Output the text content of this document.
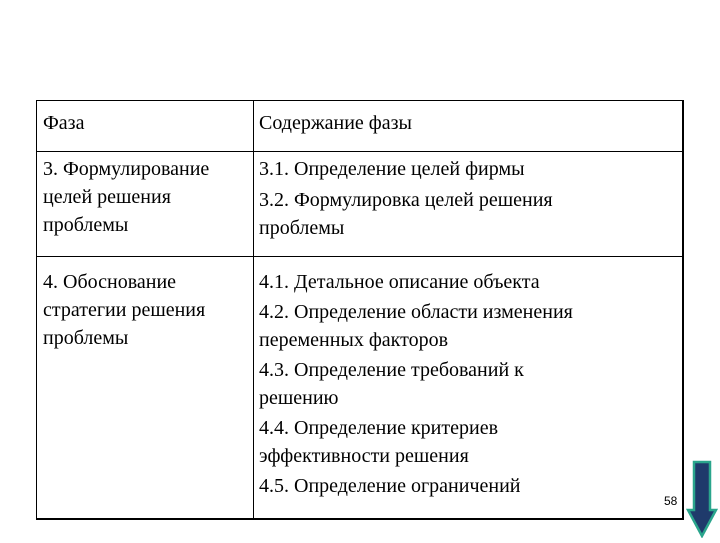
Фаза	Содержание фазы

3. Формулирование

целей решения

проблемы

3.1. Определение целей фирмы

3.2. Формулировка целей решения

проблемы

4. Обоснование

стратегии решения

проблемы

4.1. Детальное описание объекта

4.2. Определение области изменения

переменных факторов

4.3. Определение требований к

решению

4.4. Определение критериев

эффективности решения

4.5. Определение ограничений

58
